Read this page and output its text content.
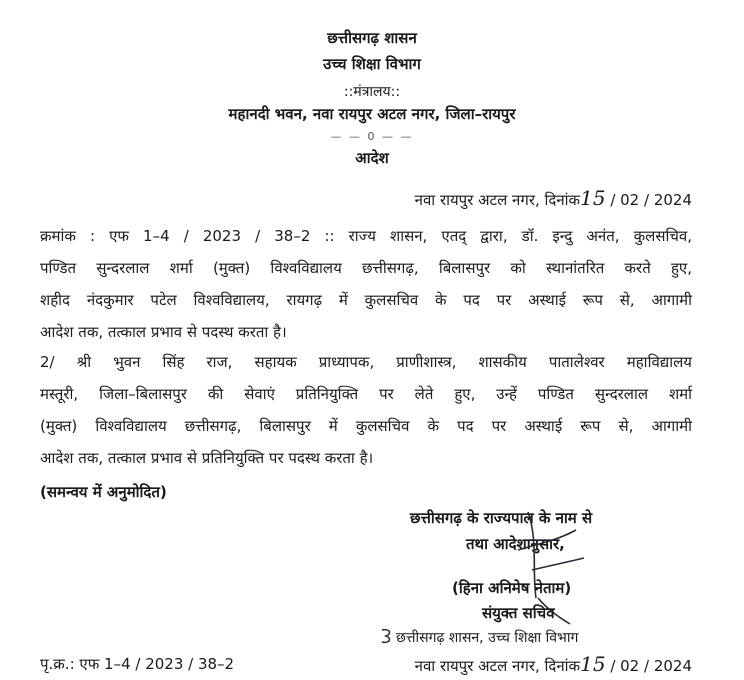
छत्तीसगढ़ शासन
उच्च शिक्षा विभाग
::मंत्रालय::
महानदी भवन, नवा रायपुर अटल नगर, जिला–रायपुर
— — 0 — —
आदेश
नवा रायपुर अटल नगर, दिनांक15 / 02 / 2024
क्रमांक : एफ 1–4 / 2023 / 38–2 :: राज्य शासन, एतद् द्वारा, डॉ. इन्दु अनंत, कुलसचिव,
पण्डित सुन्दरलाल शर्मा (मुक्त) विश्वविद्यालय छत्तीसगढ़, बिलासपुर को स्थानांतरित करते हुए,
शहीद नंदकुमार पटेल विश्वविद्यालय, रायगढ़ में कुलसचिव के पद पर अस्थाई रूप से, आगामी
आदेश तक, तत्काल प्रभाव से पदस्थ करता है।
2/ श्री भुवन सिंह राज, सहायक प्राध्यापक, प्राणीशास्त्र, शासकीय पातालेश्वर महाविद्यालय
मस्तूरी, जिला–बिलासपुर की सेवाएं प्रतिनियुक्ति पर लेते हुए, उन्हें पण्डित सुन्दरलाल शर्मा
(मुक्त) विश्वविद्यालय छत्तीसगढ़, बिलासपुर में कुलसचिव के पद पर अस्थाई रूप से, आगामी
आदेश तक, तत्काल प्रभाव से प्रतिनियुक्ति पर पदस्थ करता है।
(समन्वय में अनुमोदित)
छत्तीसगढ़ के राज्यपाल के नाम से
तथा आदेशानुसार,
(हिना अनिमेष नेताम)
संयुक्त सचिव
छत्तीसगढ़ शासन, उच्च शिक्षा विभाग
पृ.क्र.: एफ 1–4 / 2023 / 38–2	नवा रायपुर अटल नगर, दिनांक15 / 02 / 2024
